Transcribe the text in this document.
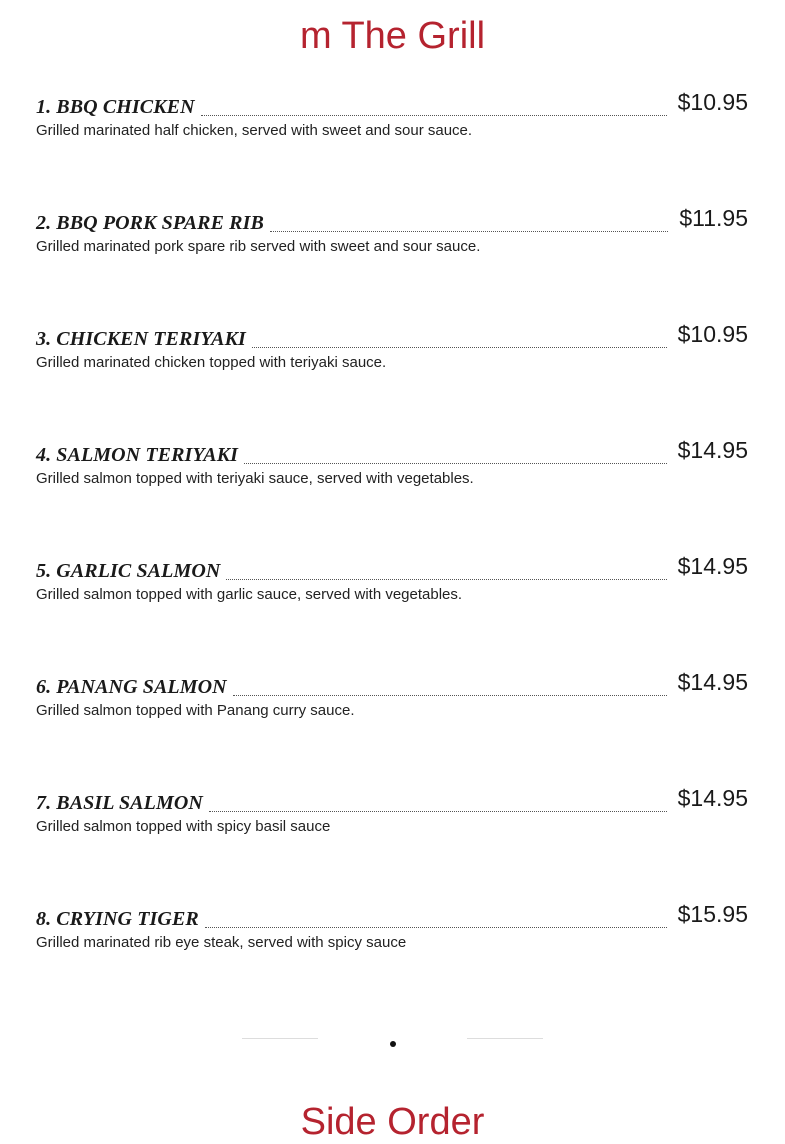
m The Grill
1. BBQ CHICKEN	$10.95
Grilled marinated half chicken, served with sweet and sour sauce.
2. BBQ PORK SPARE RIB	$11.95
Grilled marinated pork spare rib served with sweet and sour sauce.
3. CHICKEN TERIYAKI	$10.95
Grilled marinated chicken topped with teriyaki sauce.
4. SALMON TERIYAKI	$14.95
Grilled salmon topped with teriyaki sauce, served with vegetables.
5. GARLIC SALMON	$14.95
Grilled salmon topped with garlic sauce, served with vegetables.
6. PANANG SALMON	$14.95
Grilled salmon topped with Panang curry sauce.
7. BASIL SALMON	$14.95
Grilled salmon topped with spicy basil sauce
8. CRYING TIGER	$15.95
Grilled marinated rib eye steak, served with spicy sauce
Side Order
